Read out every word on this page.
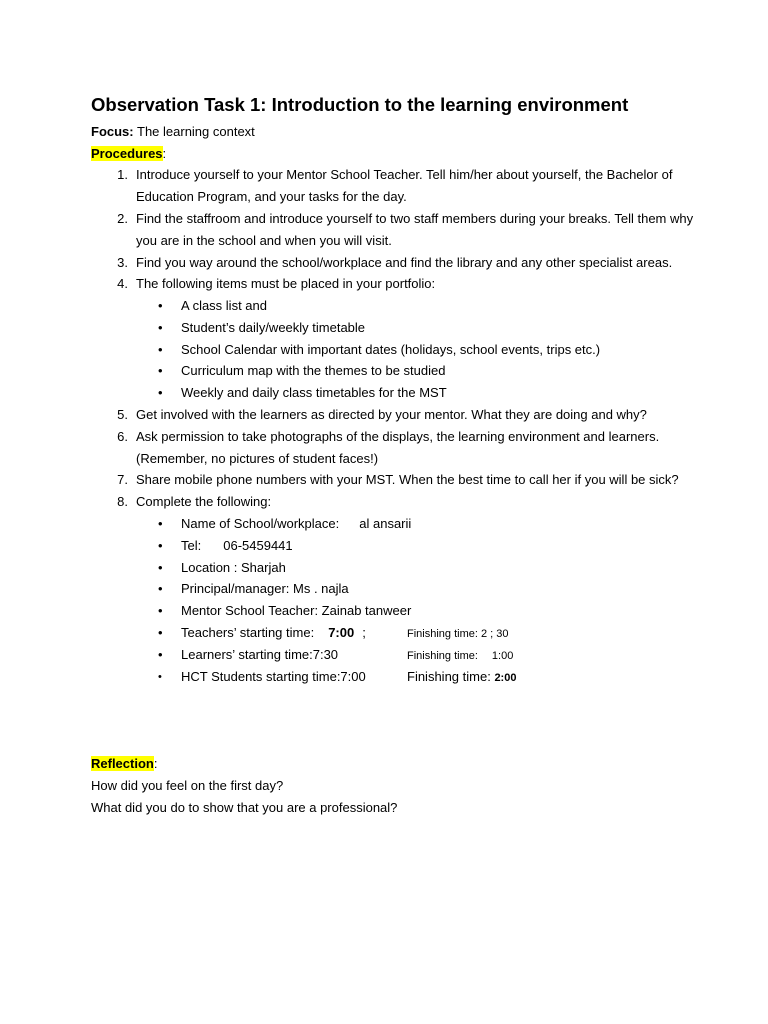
Observation Task 1: Introduction to the learning environment
Focus: The learning context
Procedures:
1. Introduce yourself to your Mentor School Teacher. Tell him/her about yourself, the Bachelor of
Education Program, and your tasks for the day.
2. Find the staffroom and introduce yourself to two staff members during your breaks. Tell them why
you are in the school and when you will visit.
3. Find you way around the school/workplace and find the library and any other specialist areas.
4. The following items must be placed in your portfolio:
• A class list and
• Student’s daily/weekly timetable
• School Calendar with important dates (holidays, school events, trips etc.)
• Curriculum map with the themes to be studied
• Weekly and daily class timetables for the MST
5. Get involved with the learners as directed by your mentor. What they are doing and why?
6. Ask permission to take photographs of the displays, the learning environment and learners.
(Remember, no pictures of student faces!)
7. Share mobile phone numbers with your MST. When the best time to call her if you will be sick?
8. Complete the following:
• Name of School/workplace: al ansarii
• Tel: 06-5459441
• Location : Sharjah
• Principal/manager: Ms . najla
• Mentor School Teacher: Zainab tanweer
• Teachers’ starting time: 7:00 ;	Finishing time: 2 ; 30
• Learners’ starting time:7:30	Finishing time: 1:00
• HCT Students starting time:7:00	Finishing time: 2:00
Reflection:
How did you feel on the first day?
What did you do to show that you are a professional?
